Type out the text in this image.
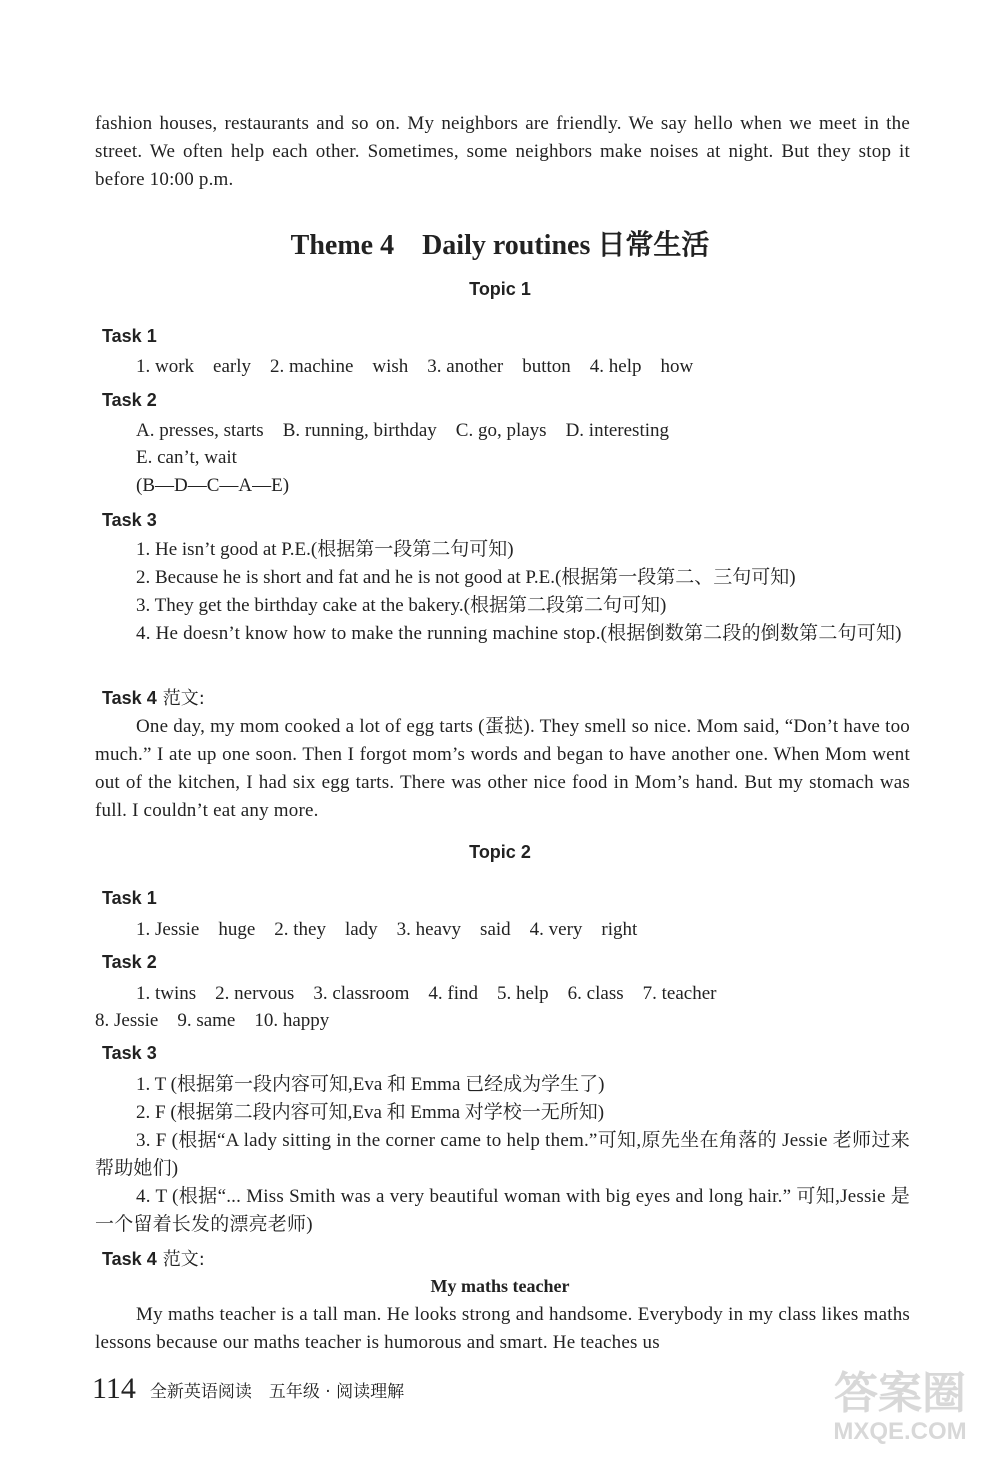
fashion houses, restaurants and so on. My neighbors are friendly. We say hello when we meet in the street. We often help each other. Sometimes, some neighbors make noises at night. But they stop it before 10:00 p.m.

Theme 4　Daily routines 日常生活
Topic 1
Task 1

1. work　early　2. machine　wish　3. another　button　4. help　how

Task 2

A. presses, starts　B. running, birthday　C. go, plays　D. interesting

E. can’t, wait

(B—D—C—A—E)

Task 3

1. He isn’t good at P.E.(根据第一段第二句可知)

2. Because he is short and fat and he is not good at P.E.(根据第一段第二、三句可知)

3. They get the birthday cake at the bakery.(根据第二段第二句可知)

4. He doesn’t know how to make the running machine stop.(根据倒数第二段的倒数第二句可知)

Task 4 范文:

One day, my mom cooked a lot of egg tarts (蛋挞). They smell so nice. Mom said, “Don’t have too much.” I ate up one soon. Then I forgot mom’s words and began to have another one. When Mom went out of the kitchen, I had six egg tarts. There was other nice food in Mom’s hand. But my stomach was full. I couldn’t eat any more.

Topic 2
Task 1

1. Jessie　huge　2. they　lady　3. heavy　said　4. very　right

Task 2

1. twins　2. nervous　3. classroom　4. find　5. help　6. class　7. teacher

8. Jessie　9. same　10. happy

Task 3

1. T (根据第一段内容可知,Eva 和 Emma 已经成为学生了)

2. F (根据第二段内容可知,Eva 和 Emma 对学校一无所知)

3. F (根据“A lady sitting in the corner came to help them.”可知,原先坐在角落的 Jessie 老师过来帮助她们)

4. T (根据“... Miss Smith was a very beautiful woman with big eyes and long hair.” 可知,Jessie 是一个留着长发的漂亮老师)

Task 4 范文:
My maths teacher

My maths teacher is a tall man. He looks strong and handsome. Everybody in my class likes maths lessons because our maths teacher is humorous and smart. He teaches us

114 全新英语阅读　五年级 · 阅读理解	答案圈
MXQE.COM
